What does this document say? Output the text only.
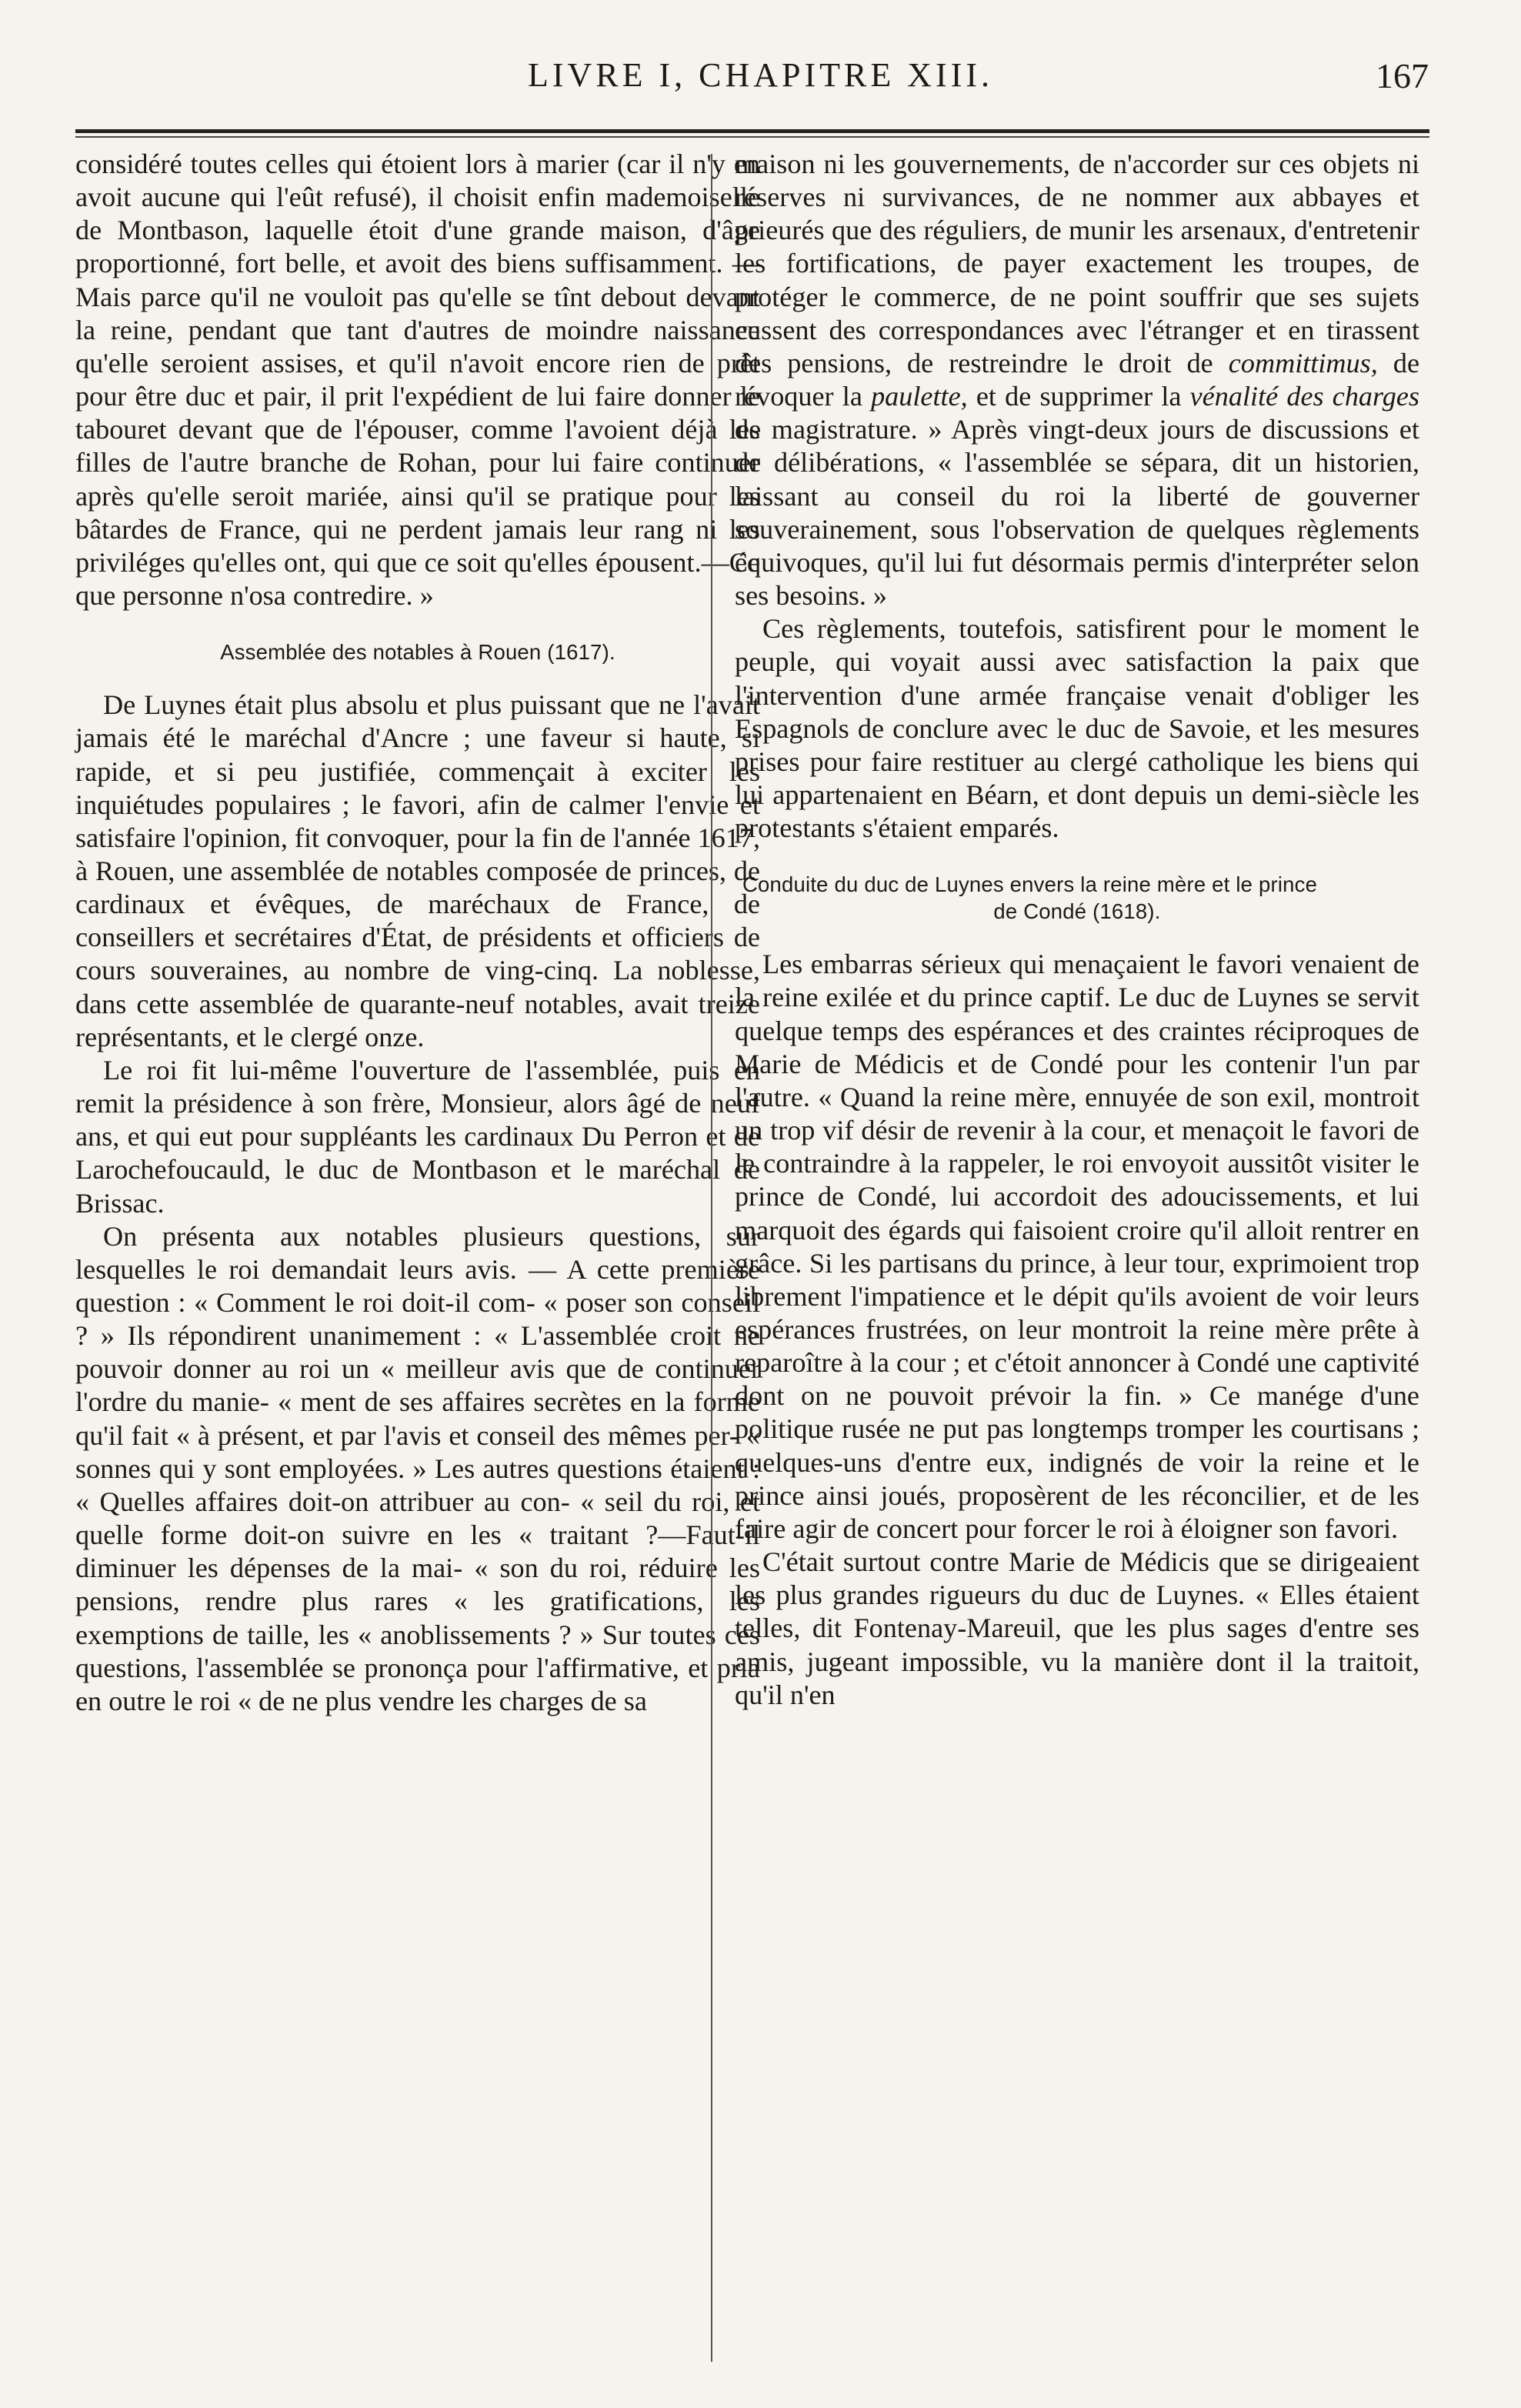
LIVRE I, CHAPITRE XIII.	167

considéré toutes celles qui étoient lors à marier (car il n'y en avoit aucune qui l'eût refusé), il choisit enfin mademoiselle de Montbason, laquelle étoit d'une grande maison, d'âge proportionné, fort belle, et avoit des biens suffisamment. — Mais parce qu'il ne vouloit pas qu'elle se tînt debout devant la reine, pendant que tant d'autres de moindre naissance qu'elle seroient assises, et qu'il n'avoit encore rien de prêt pour être duc et pair, il prit l'expédient de lui faire donner le tabouret devant que de l'épouser, comme l'avoient déjà les filles de l'autre branche de Rohan, pour lui faire continuer après qu'elle seroit mariée, ainsi qu'il se pratique pour les bâtardes de France, qui ne perdent jamais leur rang ni les priviléges qu'elles ont, qui que ce soit qu'elles épousent.—Ce que personne n'osa contredire. »

Assemblée des notables à Rouen (1617).

De Luynes était plus absolu et plus puissant que ne l'avait jamais été le maréchal d'Ancre ; une faveur si haute, si rapide, et si peu justifiée, commençait à exciter les inquiétudes populaires ; le favori, afin de calmer l'envie et satisfaire l'opinion, fit convoquer, pour la fin de l'année 1617, à Rouen, une assemblée de notables composée de princes, de cardinaux et évêques, de maréchaux de France, de conseillers et secrétaires d'État, de présidents et officiers de cours souveraines, au nombre de ving-cinq. La noblesse, dans cette assemblée de quarante-neuf notables, avait treize représentants, et le clergé onze.

Le roi fit lui-même l'ouverture de l'assemblée, puis en remit la présidence à son frère, Monsieur, alors âgé de neuf ans, et qui eut pour suppléants les cardinaux Du Perron et de Larochefoucauld, le duc de Montbason et le maréchal de Brissac.

On présenta aux notables plusieurs questions, sur lesquelles le roi demandait leurs avis. — A cette première question : « Comment le roi doit-il com- « poser son conseil ? » Ils répondirent unanimement : « L'assemblée croit ne pouvoir donner au roi un « meilleur avis que de continuer l'ordre du manie- « ment de ses affaires secrètes en la forme qu'il fait « à présent, et par l'avis et conseil des mêmes per- « sonnes qui y sont employées. » Les autres questions étaient : « Quelles affaires doit-on attribuer au con- « seil du roi, et quelle forme doit-on suivre en les « traitant ?—Faut-il diminuer les dépenses de la mai- « son du roi, réduire les pensions, rendre plus rares « les gratifications, les exemptions de taille, les « anoblissements ? » Sur toutes ces questions, l'assemblée se prononça pour l'affirmative, et pria en outre le roi « de ne plus vendre les charges de sa

maison ni les gouvernements, de n'accorder sur ces objets ni réserves ni survivances, de ne nommer aux abbayes et prieurés que des réguliers, de munir les arsenaux, d'entretenir les fortifications, de payer exactement les troupes, de protéger le commerce, de ne point souffrir que ses sujets eussent des correspondances avec l'étranger et en tirassent des pensions, de restreindre le droit de committimus, de révoquer la paulette, et de supprimer la vénalité des charges de magistrature. » Après vingt-deux jours de discussions et de délibérations, « l'assemblée se sépara, dit un historien, laissant au conseil du roi la liberté de gouverner souverainement, sous l'observation de quelques règlements équivoques, qu'il lui fut désormais permis d'interpréter selon ses besoins. »

Ces règlements, toutefois, satisfirent pour le moment le peuple, qui voyait aussi avec satisfaction la paix que l'intervention d'une armée française venait d'obliger les Espagnols de conclure avec le duc de Savoie, et les mesures prises pour faire restituer au clergé catholique les biens qui lui appartenaient en Béarn, et dont depuis un demi-siècle les protestants s'étaient emparés.

Conduite du duc de Luynes envers la reine mère et le prince
de Condé (1618).

Les embarras sérieux qui menaçaient le favori venaient de la reine exilée et du prince captif. Le duc de Luynes se servit quelque temps des espérances et des craintes réciproques de Marie de Médicis et de Condé pour les contenir l'un par l'autre. « Quand la reine mère, ennuyée de son exil, montroit un trop vif désir de revenir à la cour, et menaçoit le favori de le contraindre à la rappeler, le roi envoyoit aussitôt visiter le prince de Condé, lui accordoit des adoucissements, et lui marquoit des égards qui faisoient croire qu'il alloit rentrer en grâce. Si les partisans du prince, à leur tour, exprimoient trop librement l'impatience et le dépit qu'ils avoient de voir leurs espérances frustrées, on leur montroit la reine mère prête à reparoître à la cour ; et c'étoit annoncer à Condé une captivité dont on ne pouvoit prévoir la fin. » Ce manége d'une politique rusée ne put pas longtemps tromper les courtisans ; quelques-uns d'entre eux, indignés de voir la reine et le prince ainsi joués, proposèrent de les réconcilier, et de les faire agir de concert pour forcer le roi à éloigner son favori.

C'était surtout contre Marie de Médicis que se dirigeaient les plus grandes rigueurs du duc de Luynes. « Elles étaient telles, dit Fontenay-Mareuil, que les plus sages d'entre ses amis, jugeant impossible, vu la manière dont il la traitoit, qu'il n'en
